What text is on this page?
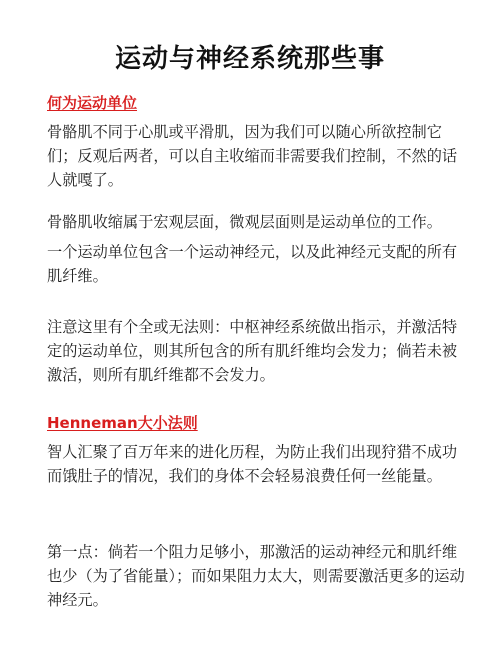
运动与神经系统那些事
何为运动单位
骨骼肌不同于心肌或平滑肌，因为我们可以随心所欲控制它们；反观后两者，可以自主收缩而非需要我们控制，不然的话人就嘎了。
骨骼肌收缩属于宏观层面，微观层面则是运动单位的工作。
一个运动单位包含一个运动神经元，以及此神经元支配的所有肌纤维。
注意这里有个全或无法则：中枢神经系统做出指示，并激活特定的运动单位，则其所包含的所有肌纤维均会发力；倘若未被激活，则所有肌纤维都不会发力。
Henneman大小法则
智人汇聚了百万年来的进化历程，为防止我们出现狩猎不成功而饿肚子的情况，我们的身体不会轻易浪费任何一丝能量。
第一点：倘若一个阻力足够小，那激活的运动神经元和肌纤维也少（为了省能量）；而如果阻力太大，则需要激活更多的运动神经元。
